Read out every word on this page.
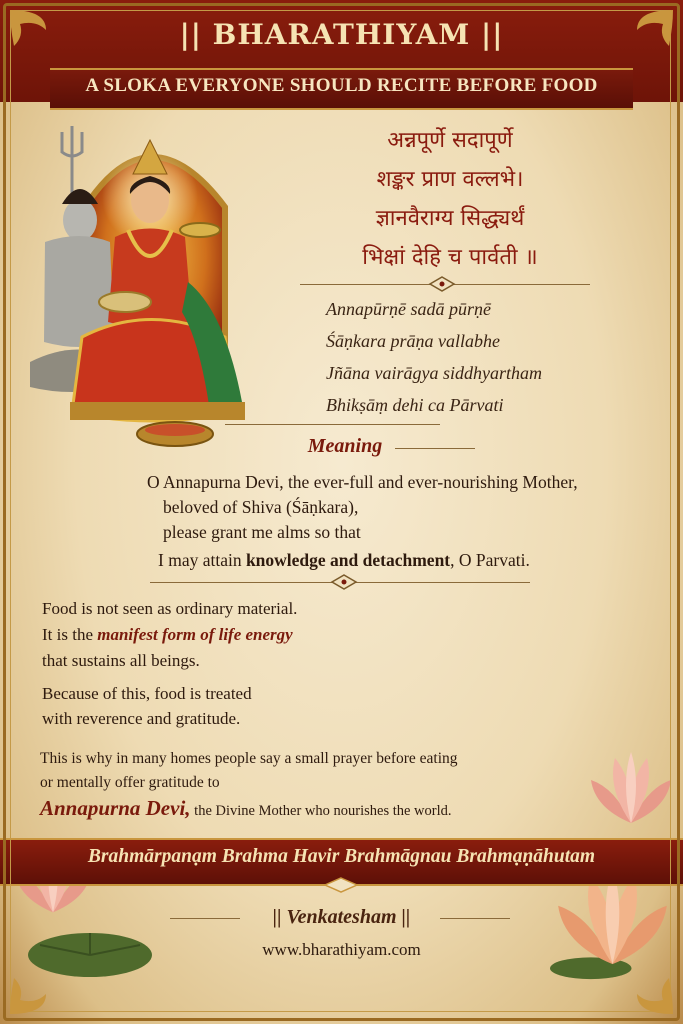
|| BHARATHIYAM ||
A SLOKA EVERYONE SHOULD RECITE BEFORE FOOD
अन्नपूर्णे सदापूर्णे
शङ्कर प्राण वल्लभे।
ज्ञानवैराग्य सिद्ध्यर्थं
भिक्षां देहि च पार्वती ॥
Annapūrṇē sadā pūrṇē
Śāṇkara prāṇa vallabhe
Jñāna vairāgya siddhyartham
Bhikṣāṃ dehi ca Pārvati
Meaning
O Annapurna Devi, the ever-full and ever-nourishing Mother,
beloved of Shiva (Śāṇkara),
please grant me alms so that
I may attain knowledge and detachment, O Parvati.
Food is not seen as ordinary material.
It is the manifest form of life energy
that sustains all beings.
Because of this, food is treated
with reverence and gratitude.
This is why in many homes people say a small prayer before eating
or mentally offer gratitude to
Annapurna Devi, the Divine Mother who nourishes the world.
Brahmārpanạm Brahma Havir Brahmāgnau Brahmạṇāhutam
|| Venkatesham ||
www.bharathiyam.com
